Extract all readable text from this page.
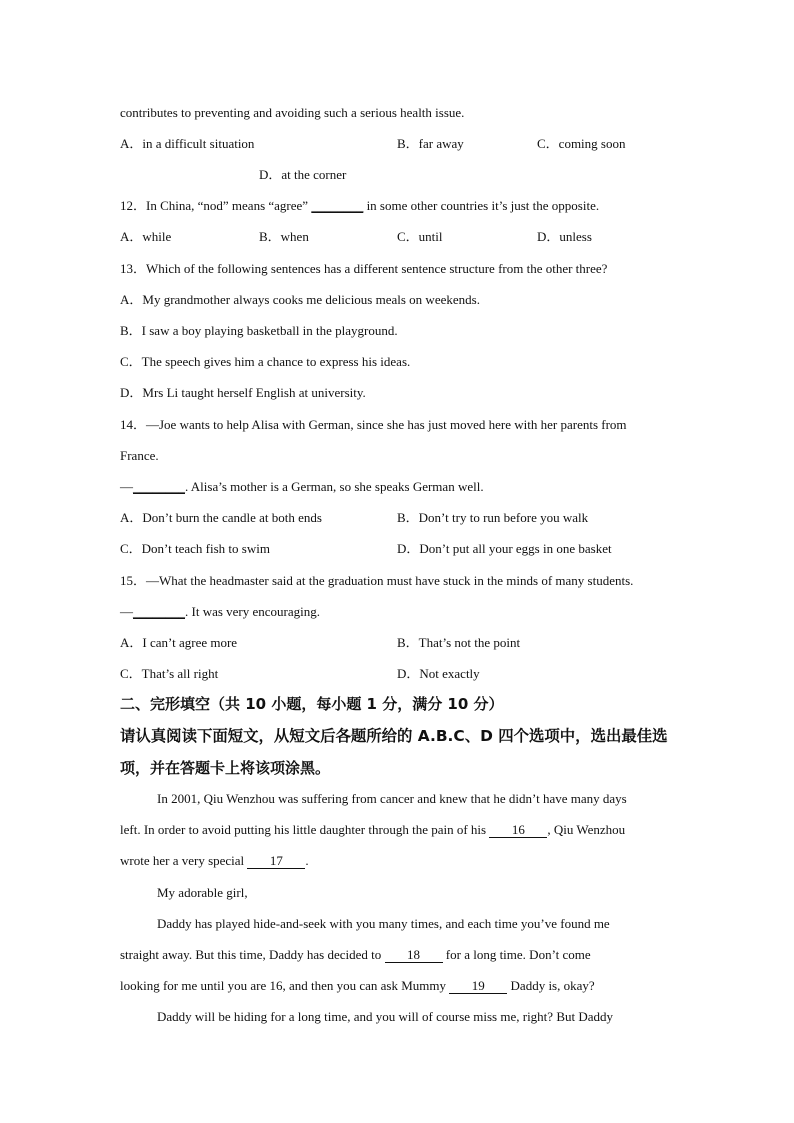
contributes to preventing and avoiding such a serious health issue.
A．in a difficult situation	B．far away	C．coming soon
D．at the corner
12．In China, “nod” means “agree” ________ in some other countries it’s just the opposite.
A．while	B．when	C．until	D．unless
13．Which of the following sentences has a different sentence structure from the other three?
A．My grandmother always cooks me delicious meals on weekends.
B．I saw a boy playing basketball in the playground.
C．The speech gives him a chance to express his ideas.
D．Mrs Li taught herself English at university.
14．—Joe wants to help Alisa with German, since she has just moved here with her parents from
France.
—________. Alisa’s mother is a German, so she speaks German well.
A．Don’t burn the candle at both ends	B．Don’t try to run before you walk
C．Don’t teach fish to swim	D．Don’t put all your eggs in one basket
15．—What the headmaster said at the graduation must have stuck in the minds of many students.
—________. It was very encouraging.
A．I can’t agree more	B．That’s not the point
C．That’s all right	D．Not exactly
二、完形填空（共 10 小题，每小题 1 分，满分 10 分）
请认真阅读下面短文，从短文后各题所给的 A.B.C、D 四个选项中，选出最佳选
项，并在答题卡上将该项涂黑。
In 2001, Qiu Wenzhou was suffering from cancer and knew that he didn’t have many days
left. In order to avoid putting his little daughter through the pain of his 16 , Qiu Wenzhou
wrote her a very special 17 .
My adorable girl,
Daddy has played hide-and-seek with you many times, and each time you’ve found me
straight away. But this time, Daddy has decided to 18 for a long time. Don’t come
looking for me until you are 16, and then you can ask Mummy 19 Daddy is, okay?
Daddy will be hiding for a long time, and you will of course miss me, right? But Daddy
